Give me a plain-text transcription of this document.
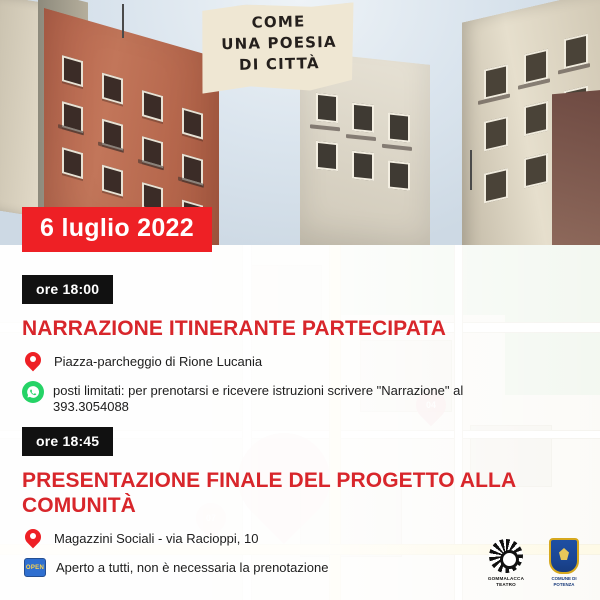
COME
UNA POESIA
DI CITTÀ
6 luglio 2022
ore 18:00
NARRAZIONE ITINERANTE PARTECIPATA
Piazza-parcheggio di Rione Lucania
posti limitati: per prenotarsi e ricevere istruzioni scrivere "Narrazione" al 393.3054088
ore 18:45
PRESENTAZIONE FINALE DEL PROGETTO ALLA COMUNITÀ
Magazzini Sociali - via Racioppi, 10
OPEN Aperto a tutti, non è necessaria la prenotazione
GOMMALACCA TEATRO
COMUNE DI POTENZA
